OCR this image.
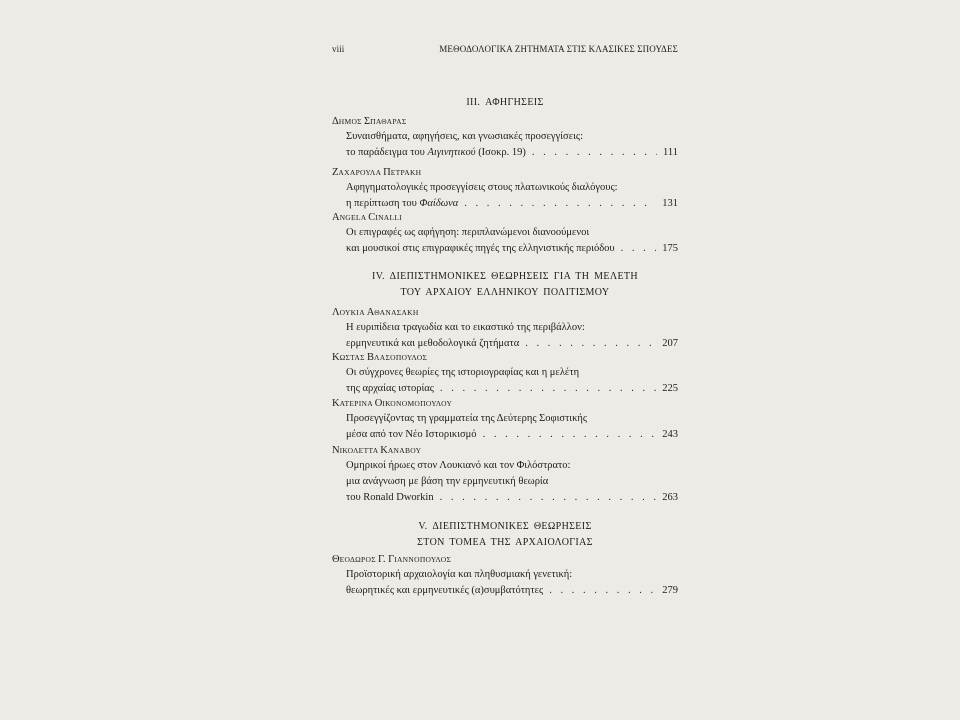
viii	ΜΕΘΟΔΟΛΟΓΙΚΑ ΖΗΤΗΜΑΤΑ ΣΤΙΣ ΚΛΑΣΙΚΕΣ ΣΠΟΥΔΕΣ
III. ΑΦΗΓΗΣΕΙΣ
ΔΗΜΟΣ ΣΠΑΘΑΡΑΣ
Συναισθήματα, αφηγήσεις, και γνωσιακές προσεγγίσεις:
το παράδειγμα του Αιγινητικού (Ισοκρ. 19) . . .	111
ΖΑΧΑΡΟΥΛΑ ΠΕΤΡΑΚΗ
Αφηγηματολογικές προσεγγίσεις στους πλατωνικούς διαλόγους:
η περίπτωση του Φαίδωνα . . .	131
ANGELA CINALLI
Οι επιγραφές ως αφήγηση: περιπλανώμενοι διανοούμενοι
και μουσικοί στις επιγραφικές πηγές της ελληνιστικής περιόδου . . .	175
IV. ΔΙΕΠΙΣΤΗΜΟΝΙΚΕΣ ΘΕΩΡΗΣΕΙΣ ΓΙΑ ΤΗ ΜΕΛΕΤΗ
ΤΟΥ ΑΡΧΑΙΟΥ ΕΛΛΗΝΙΚΟΥ ΠΟΛΙΤΙΣΜΟΥ
ΛΟΥΚΙΑ ΑΘΑΝΑΣΑΚΗ
Η ευριπίδεια τραγωδία και το εικαστικό της περιβάλλον:
ερμηνευτικά και μεθοδολογικά ζητήματα . . .	207
ΚΩΣΤΑΣ ΒΛΑΣΟΠΟΥΛΟΣ
Οι σύγχρονες θεωρίες της ιστοριογραφίας και η μελέτη
της αρχαίας ιστορίας . . .	225
ΚΑΤΕΡΙΝΑ ΟΙΚΟΝΟΜΟΠΟΥΛΟΥ
Προσεγγίζοντας τη γραμματεία της Δεύτερης Σοφιστικής
μέσα από τον Νέο Ιστορικισμό . . .	243
ΝΙΚΟΛΕΤΤΑ ΚΑΝΑΒΟΥ
Ομηρικοί ήρωες στον Λουκιανό και τον Φιλόστρατο:
μια ανάγνωση με βάση την ερμηνευτική θεωρία
του Ronald Dworkin . . .	263
V. ΔΙΕΠΙΣΤΗΜΟΝΙΚΕΣ ΘΕΩΡΗΣΕΙΣ
ΣΤΟΝ ΤΟΜΕΑ ΤΗΣ ΑΡΧΑΙΟΛΟΓΙΑΣ
ΘΕΟΔΩΡΟΣ Γ. ΓΙΑΝΝΟΠΟΥΛΟΣ
Προϊστορική αρχαιολογία και πληθυσμιακή γενετική:
θεωρητικές και ερμηνευτικές (α)συμβατότητες . . .	279
